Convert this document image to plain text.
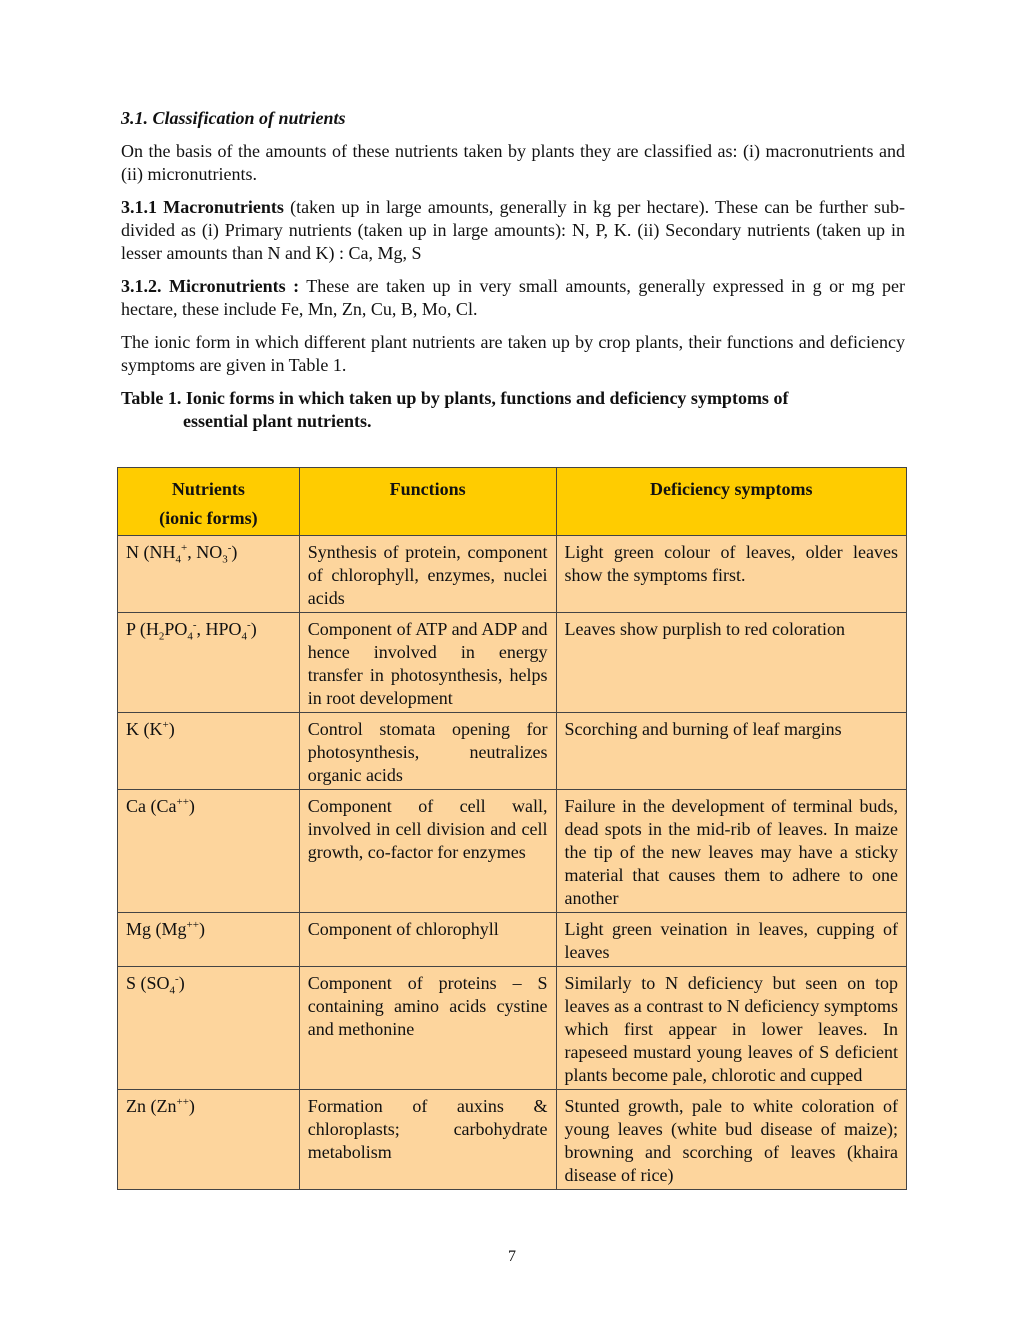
3.1. Classification of nutrients

On the basis of the amounts of these nutrients taken by plants they are classified as: (i) macronutrients and (ii) micronutrients.

3.1.1 Macronutrients (taken up in large amounts, generally in kg per hectare). These can be further sub-divided as (i) Primary nutrients (taken up in large amounts): N, P, K. (ii) Secondary nutrients (taken up in lesser amounts than N and K) : Ca, Mg, S

3.1.2. Micronutrients : These are taken up in very small amounts, generally expressed in g or mg per hectare, these include Fe, Mn, Zn, Cu, B, Mo, Cl.

The ionic form in which different plant nutrients are taken up by crop plants, their functions and deficiency symptoms are given in Table 1.

Table 1. Ionic forms in which taken up by plants, functions and deficiency symptoms of
essential plant nutrients.
Nutrients
(ionic forms)	Functions	Deficiency symptoms
N ($NH_4^+$, $NO_3^-$)	Synthesis of protein, component of chlorophyll, enzymes, nuclei acids	Light green colour of leaves, older leaves show the symptoms first.
P ($H_2PO_4^-$, $HPO_4^-$)	Component of ATP and ADP and hence involved in energy transfer in photosynthesis, helps in root development	Leaves show purplish to red coloration
K (K+)	Control stomata opening for photosynthesis, neutralizes organic acids	Scorching and burning of leaf margins
Ca (Ca++)	Component of cell wall, involved in cell division and cell growth, co-factor for enzymes	Failure in the development of terminal buds, dead spots in the mid-rib of leaves. In maize the tip of the new leaves may have a sticky material that causes them to adhere to one another
Mg (Mg++)	Component of chlorophyll	Light green veination in leaves, cupping of leaves
S $(SO_4^-)$	Component of proteins – S containing amino acids cystine and methonine	Similarly to N deficiency but seen on top leaves as a contrast to N deficiency symptoms which first appear in lower leaves. In rapeseed mustard young leaves of S deficient plants become pale, chlorotic and cupped
Zn (Zn++)	Formation of auxins & chloroplasts; carbohydrate metabolism	Stunted growth, pale to white coloration of young leaves (white bud disease of maize); browning and scorching of leaves (khaira disease of rice)
7
